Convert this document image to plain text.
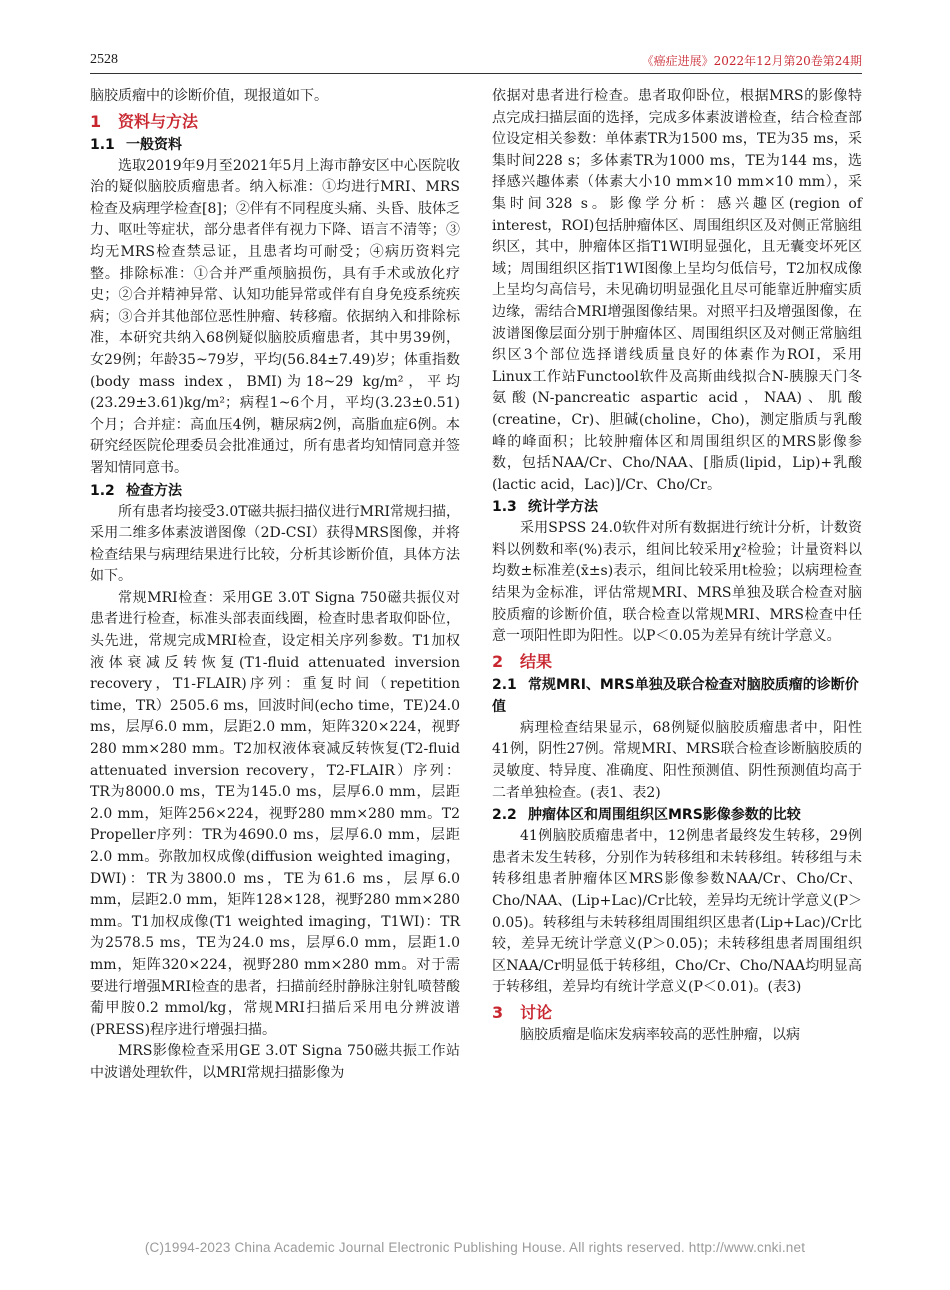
2528	《癌症进展》2022年12月第20卷第24期

脑胶质瘤中的诊断价值，现报道如下。

1 资料与方法
1.1 一般资料

选取2019年9月至2021年5月上海市静安区中心医院收治的疑似脑胶质瘤患者。纳入标准：①均进行MRI、MRS检查及病理学检查[8]；②伴有不同程度头痛、头昏、肢体乏力、呕吐等症状，部分患者伴有视力下降、语言不清等；③均无MRS检查禁忌证，且患者均可耐受；④病历资料完整。排除标准：①合并严重颅脑损伤，具有手术或放化疗史；②合并精神异常、认知功能异常或伴有自身免疫系统疾病；③合并其他部位恶性肿瘤、转移瘤。依据纳入和排除标准，本研究共纳入68例疑似脑胶质瘤患者，其中男39例，女29例；年龄35~79岁，平均(56.84±7.49)岁；体重指数(body mass index，BMI)为18~29 kg/m²，平均(23.29±3.61)kg/m²；病程1~6个月，平均(3.23±0.51)个月；合并症：高血压4例，糖尿病2例，高脂血症6例。本研究经医院伦理委员会批准通过，所有患者均知情同意并签署知情同意书。

1.2 检查方法

所有患者均接受3.0T磁共振扫描仪进行MRI常规扫描，采用二维多体素波谱图像（2D-CSI）获得MRS图像，并将检查结果与病理结果进行比较，分析其诊断价值，具体方法如下。

常规MRI检查：采用GE 3.0T Signa 750磁共振仪对患者进行检查，标准头部表面线圈，检查时患者取仰卧位，头先进，常规完成MRI检查，设定相关序列参数。T1加权液体衰减反转恢复(T1-fluid attenuated inversion recovery，T1-FLAIR)序列：重复时间（repetition time，TR）2505.6 ms，回波时间(echo time，TE)24.0 ms，层厚6.0 mm，层距2.0 mm，矩阵320×224，视野280 mm×280 mm。T2加权液体衰减反转恢复(T2-fluid attenuated inversion recovery，T2-FLAIR）序列：TR为8000.0 ms，TE为145.0 ms，层厚6.0 mm，层距2.0 mm，矩阵256×224，视野280 mm×280 mm。T2 Propeller序列：TR为4690.0 ms，层厚6.0 mm，层距2.0 mm。弥散加权成像(diffusion weighted imaging，DWI)：TR为3800.0 ms，TE为61.6 ms，层厚6.0 mm，层距2.0 mm，矩阵128×128，视野280 mm×280 mm。T1加权成像(T1 weighted imaging，T1WI)：TR为2578.5 ms，TE为24.0 ms，层厚6.0 mm，层距1.0 mm，矩阵320×224，视野280 mm×280 mm。对于需要进行增强MRI检查的患者，扫描前经肘静脉注射钆喷替酸葡甲胺0.2 mmol/kg，常规MRI扫描后采用电分辨波谱(PRESS)程序进行增强扫描。

MRS影像检查采用GE 3.0T Signa 750磁共振工作站中波谱处理软件，以MRI常规扫描影像为

依据对患者进行检查。患者取仰卧位，根据MRS的影像特点完成扫描层面的选择，完成多体素波谱检查，结合检查部位设定相关参数：单体素TR为1500 ms，TE为35 ms，采集时间228 s；多体素TR为1000 ms，TE为144 ms，选择感兴趣体素（体素大小10 mm×10 mm×10 mm），采集时间328 s。影像学分析：感兴趣区(region of interest，ROI)包括肿瘤体区、周围组织区及对侧正常脑组织区，其中，肿瘤体区指T1WI明显强化，且无囊变坏死区域；周围组织区指T1WI图像上呈均匀低信号，T2加权成像上呈均匀高信号，未见确切明显强化且尽可能靠近肿瘤实质边缘，需结合MRI增强图像结果。对照平扫及增强图像，在波谱图像层面分别于肿瘤体区、周围组织区及对侧正常脑组织区3个部位选择谱线质量良好的体素作为ROI，采用Linux工作站Functool软件及高斯曲线拟合N-胰腺天门冬氨酸(N-pancreatic aspartic acid，NAA)、肌酸(creatine，Cr)、胆碱(choline，Cho)，测定脂质与乳酸峰的峰面积；比较肿瘤体区和周围组织区的MRS影像参数，包括NAA/Cr、Cho/NAA、[脂质(lipid，Lip)+乳酸(lactic acid，Lac)]/Cr、Cho/Cr。

1.3 统计学方法

采用SPSS 24.0软件对所有数据进行统计分析，计数资料以例数和率(%)表示，组间比较采用χ²检验；计量资料以均数±标准差(x̄±s)表示，组间比较采用t检验；以病理检查结果为金标准，评估常规MRI、MRS单独及联合检查对脑胶质瘤的诊断价值，联合检查以常规MRI、MRS检查中任意一项阳性即为阳性。以P＜0.05为差异有统计学意义。

2 结果
2.1 常规MRI、MRS单独及联合检查对脑胶质瘤的诊断价值

病理检查结果显示，68例疑似脑胶质瘤患者中，阳性41例，阴性27例。常规MRI、MRS联合检查诊断脑胶质的灵敏度、特异度、准确度、阳性预测值、阴性预测值均高于二者单独检查。(表1、表2)

2.2 肿瘤体区和周围组织区MRS影像参数的比较

41例脑胶质瘤患者中，12例患者最终发生转移，29例患者未发生转移，分别作为转移组和未转移组。转移组与未转移组患者肿瘤体区MRS影像参数NAA/Cr、Cho/Cr、Cho/NAA、(Lip+Lac)/Cr比较，差异均无统计学意义(P＞0.05)。转移组与未转移组周围组织区患者(Lip+Lac)/Cr比较，差异无统计学意义(P＞0.05)；未转移组患者周围组织区NAA/Cr明显低于转移组，Cho/Cr、Cho/NAA均明显高于转移组，差异均有统计学意义(P＜0.01)。(表3)

3 讨论

脑胶质瘤是临床发病率较高的恶性肿瘤，以病

(C)1994-2023 China Academic Journal Electronic Publishing House. All rights reserved. http://www.cnki.net
